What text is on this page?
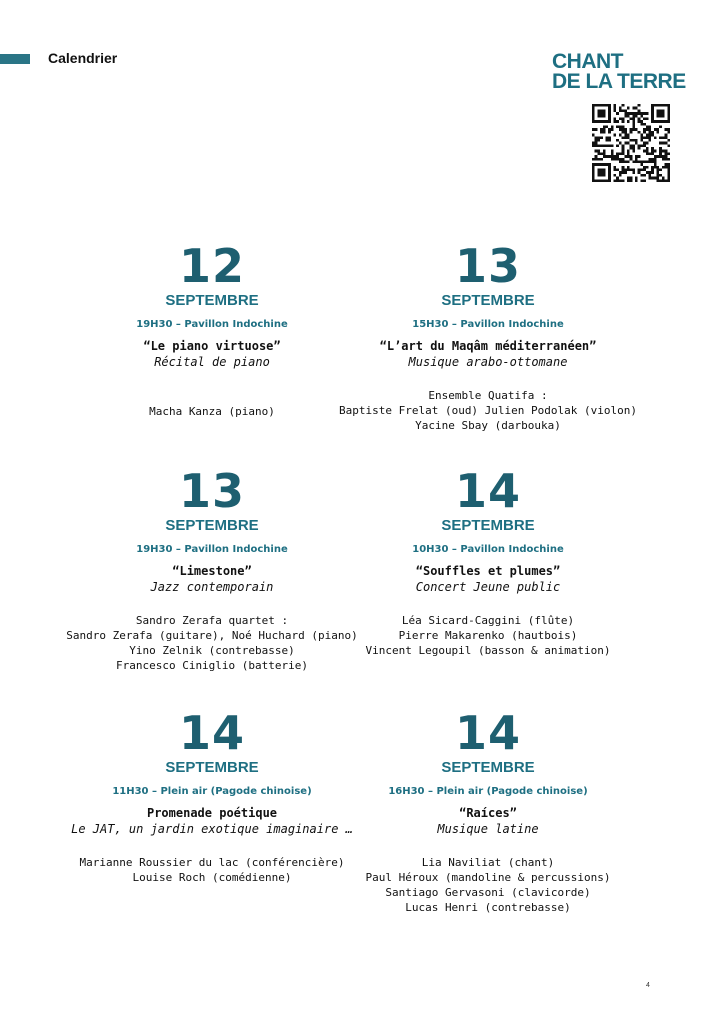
Calendrier	CHANT
DE LA TERRE
12
SEPTEMBRE
19H30 – Pavillon Indochine
“Le piano virtuose”
Récital de piano
Macha Kanza (piano)
13
SEPTEMBRE
15H30 – Pavillon Indochine
“L’art du Maqâm méditerranéen”
Musique arabo-ottomane
Ensemble Quatifa :
Baptiste Frelat (oud) Julien Podolak (violon)
Yacine Sbay (darbouka)
13
SEPTEMBRE
19H30 – Pavillon Indochine
“Limestone”
Jazz contemporain
Sandro Zerafa quartet :
Sandro Zerafa (guitare), Noé Huchard (piano)
Yino Zelnik (contrebasse)
Francesco Ciniglio (batterie)
14
SEPTEMBRE
10H30 – Pavillon Indochine
“Souffles et plumes”
Concert Jeune public
Léa Sicard-Caggini (flûte)
Pierre Makarenko (hautbois)
Vincent Legoupil (basson & animation)
14
SEPTEMBRE
11H30 – Plein air (Pagode chinoise)
Promenade poétique
Le JAT, un jardin exotique imaginaire …
Marianne Roussier du lac (conférencière)
Louise Roch (comédienne)
14
SEPTEMBRE
16H30 – Plein air (Pagode chinoise)
“Raíces”
Musique latine
Lia Naviliat (chant)
Paul Héroux (mandoline & percussions)
Santiago Gervasoni (clavicorde)
Lucas Henri (contrebasse)
4
